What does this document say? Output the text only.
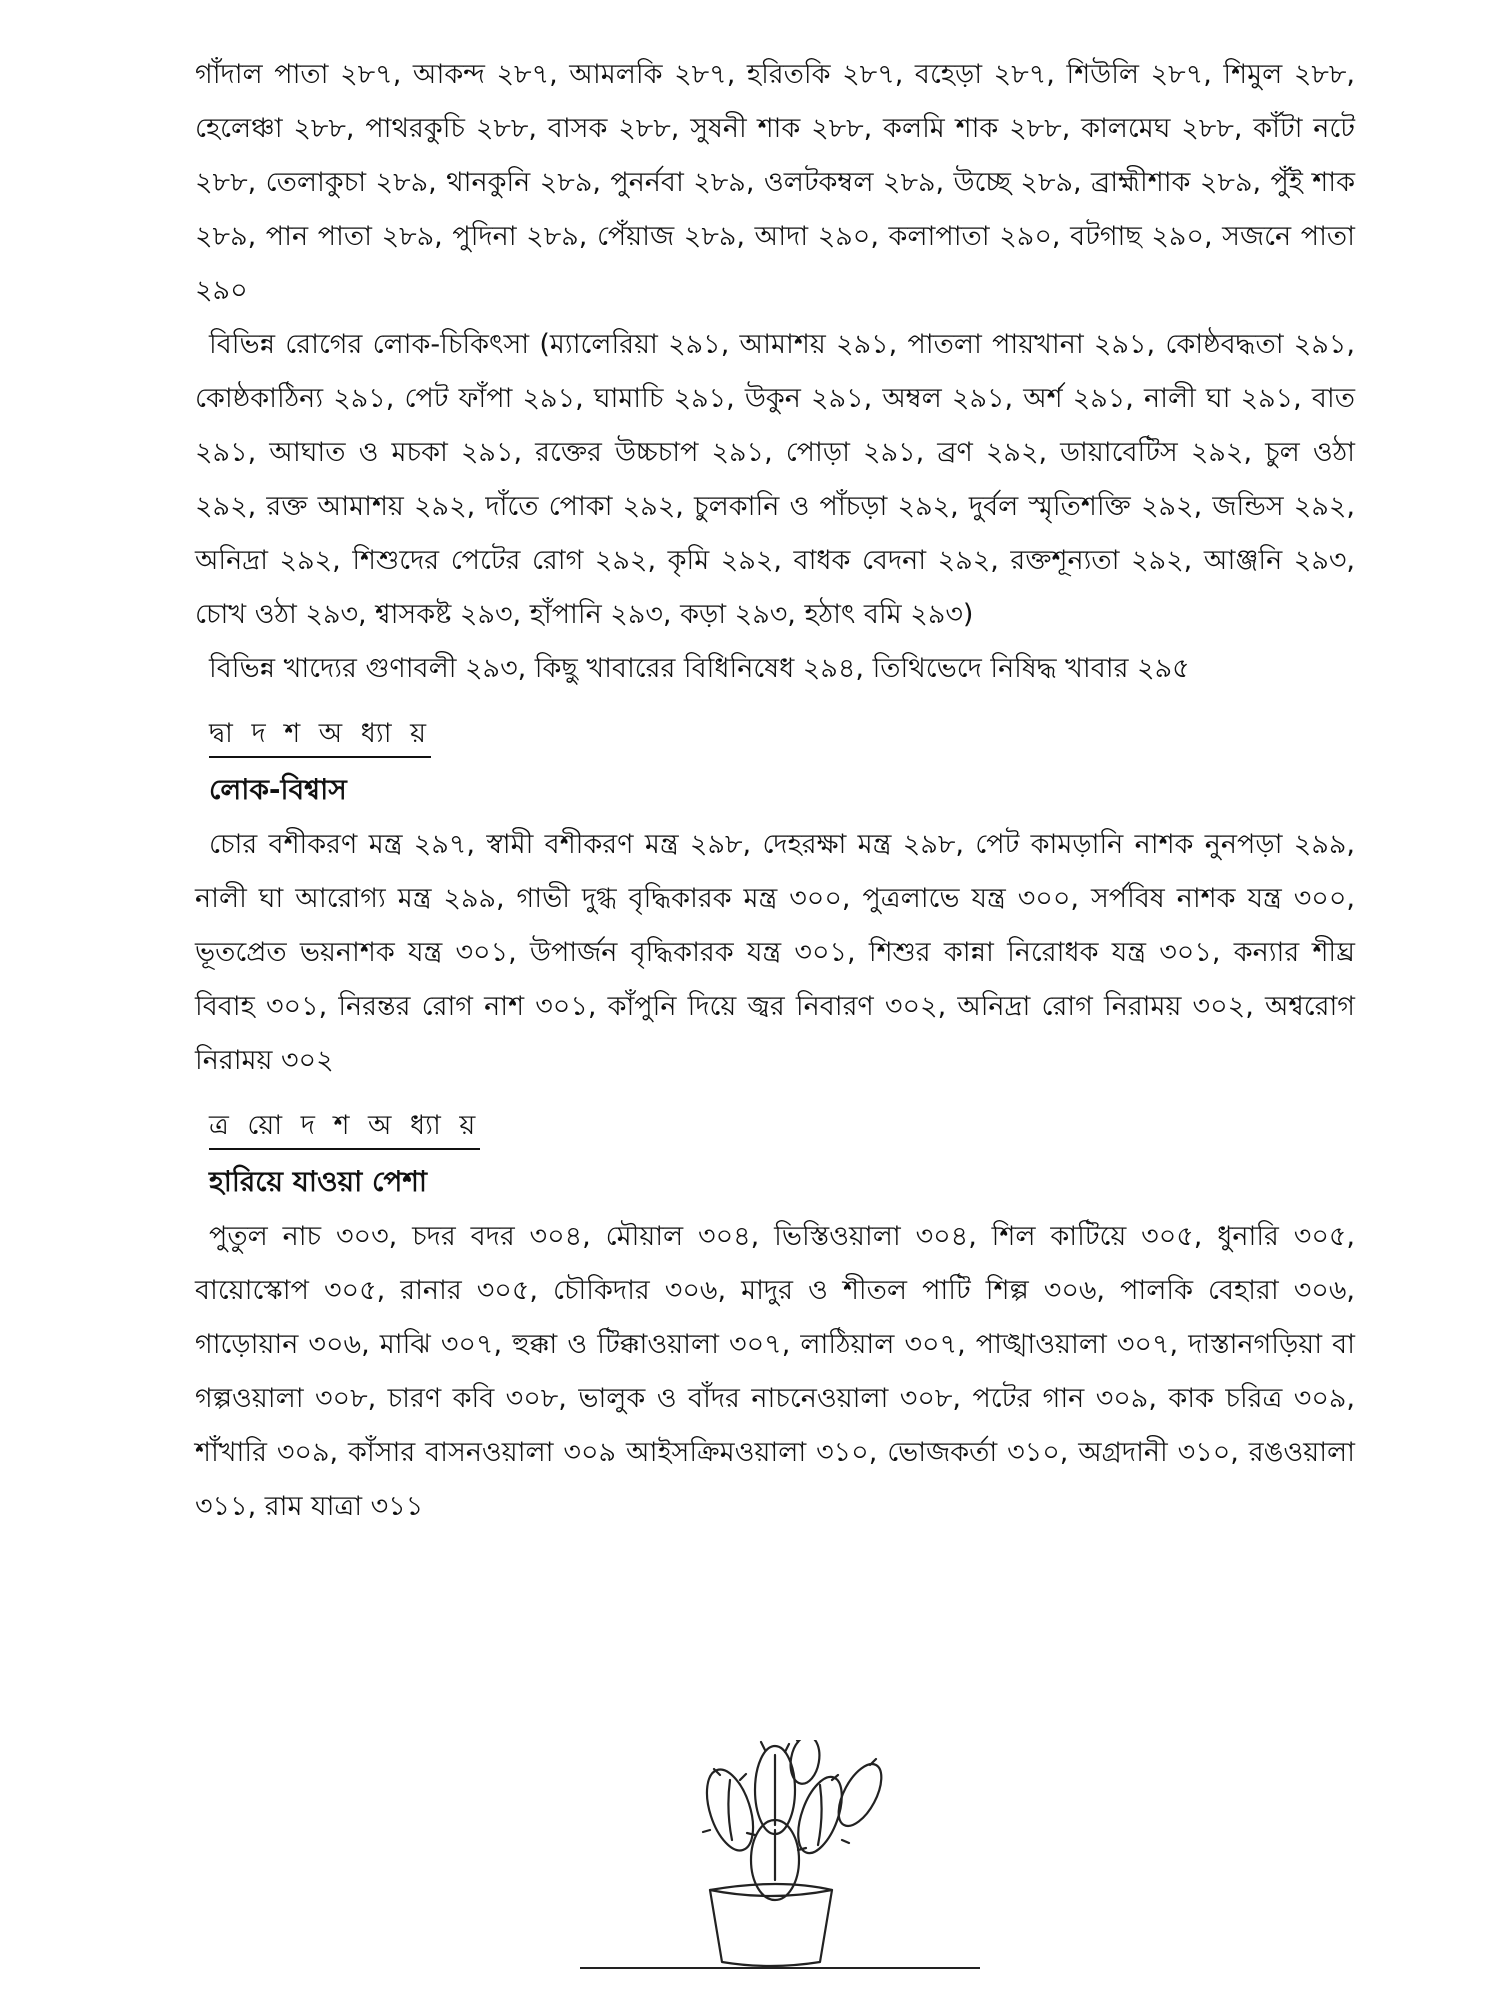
গাঁদাল পাতা ২৮৭, আকন্দ ২৮৭, আমলকি ২৮৭, হরিতকি ২৮৭, বহেড়া ২৮৭, শিউলি ২৮৭, শিমুল ২৮৮, হেলেঞ্চা ২৮৮, পাথরকুচি ২৮৮, বাসক ২৮৮, সুষনী শাক ২৮৮, কলমি শাক ২৮৮, কালমেঘ ২৮৮, কাঁটা নটে ২৮৮, তেলাকুচা ২৮৯, থানকুনি ২৮৯, পুনর্নবা ২৮৯, ওলটকম্বল ২৮৯, উচ্ছে ২৮৯, ব্রাহ্মীশাক ২৮৯, পুঁই শাক ২৮৯, পান পাতা ২৮৯, পুদিনা ২৮৯, পেঁয়াজ ২৮৯, আদা ২৯০, কলাপাতা ২৯০, বটগাছ ২৯০, সজনে পাতা ২৯০

বিভিন্ন রোগের লোক-চিকিৎসা (ম্যালেরিয়া ২৯১, আমাশয় ২৯১, পাতলা পায়খানা ২৯১, কোষ্ঠবদ্ধতা ২৯১, কোষ্ঠকাঠিন্য ২৯১, পেট ফাঁপা ২৯১, ঘামাচি ২৯১, উকুন ২৯১, অম্বল ২৯১, অর্শ ২৯১, নালী ঘা ২৯১, বাত ২৯১, আঘাত ও মচকা ২৯১, রক্তের উচ্চচাপ ২৯১, পোড়া ২৯১, ব্রণ ২৯২, ডায়াবেটিস ২৯২, চুল ওঠা ২৯২, রক্ত আমাশয় ২৯২, দাঁতে পোকা ২৯২, চুলকানি ও পাঁচড়া ২৯২, দুর্বল স্মৃতিশক্তি ২৯২, জন্ডিস ২৯২, অনিদ্রা ২৯২, শিশুদের পেটের রোগ ২৯২, কৃমি ২৯২, বাধক বেদনা ২৯২, রক্তশূন্যতা ২৯২, আঞ্জনি ২৯৩, চোখ ওঠা ২৯৩, শ্বাসকষ্ট ২৯৩, হাঁপানি ২৯৩, কড়া ২৯৩, হঠাৎ বমি ২৯৩)

বিভিন্ন খাদ্যের গুণাবলী ২৯৩, কিছু খাবারের বিধিনিষেধ ২৯৪, তিথিভেদে নিষিদ্ধ খাবার ২৯৫

দ্বা দ শ অ ধ্যা য়
লোক-বিশ্বাস

চোর বশীকরণ মন্ত্র ২৯৭, স্বামী বশীকরণ মন্ত্র ২৯৮, দেহরক্ষা মন্ত্র ২৯৮, পেট কামড়ানি নাশক নুনপড়া ২৯৯, নালী ঘা আরোগ্য মন্ত্র ২৯৯, গাভী দুগ্ধ বৃদ্ধিকারক মন্ত্র ৩০০, পুত্রলাভে যন্ত্র ৩০০, সর্পবিষ নাশক যন্ত্র ৩০০, ভূতপ্রেত ভয়নাশক যন্ত্র ৩০১, উপার্জন বৃদ্ধিকারক যন্ত্র ৩০১, শিশুর কান্না নিরোধক যন্ত্র ৩০১, কন্যার শীঘ্র বিবাহ ৩০১, নিরন্তর রোগ নাশ ৩০১, কাঁপুনি দিয়ে জ্বর নিবারণ ৩০২, অনিদ্রা রোগ নিরাময় ৩০২, অশ্বরোগ নিরাময় ৩০২

ত্র য়ো দ শ অ ধ্যা য়
হারিয়ে যাওয়া পেশা

পুতুল নাচ ৩০৩, চদর বদর ৩০৪, মৌয়াল ৩০৪, ভিস্তিওয়ালা ৩০৪, শিল কাটিয়ে ৩০৫, ধুনারি ৩০৫, বায়োস্কোপ ৩০৫, রানার ৩০৫, চৌকিদার ৩০৬, মাদুর ও শীতল পাটি শিল্প ৩০৬, পালকি বেহারা ৩০৬, গাড়োয়ান ৩০৬, মাঝি ৩০৭, হুক্কা ও টিক্কাওয়ালা ৩০৭, লাঠিয়াল ৩০৭, পাঙ্খাওয়ালা ৩০৭, দাস্তানগড়িয়া বা গল্পওয়ালা ৩০৮, চারণ কবি ৩০৮, ভালুক ও বাঁদর নাচনেওয়ালা ৩০৮, পটের গান ৩০৯, কাক চরিত্র ৩০৯, শাঁখারি ৩০৯, কাঁসার বাসনওয়ালা ৩০৯ আইসক্রিমওয়ালা ৩১০, ভোজকর্তা ৩১০, অগ্রদানী ৩১০, রঙওয়ালা ৩১১, রাম যাত্রা ৩১১
